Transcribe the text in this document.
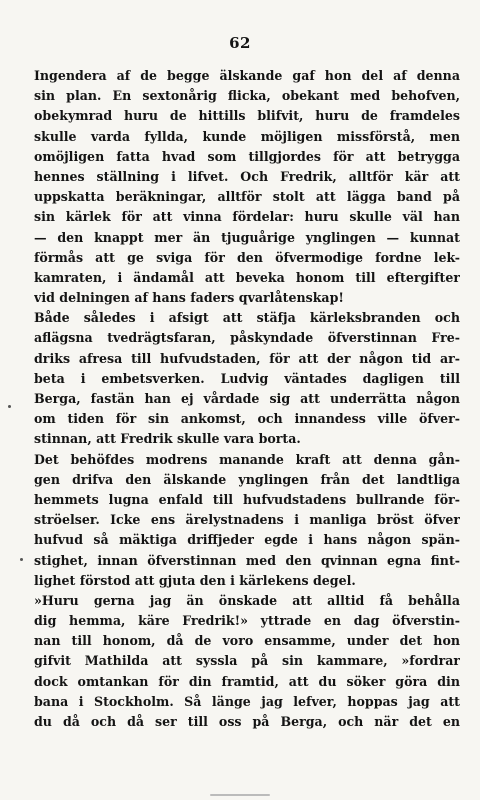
62
Ingendera af de begge älskande gaf hon del af denna
sin plan. En sextonårig flicka, obekant med behofven,
obekymrad huru de hittills blifvit, huru de framdeles
skulle varda fyllda, kunde möjligen missförstå, men
omöjligen fatta hvad som tillgjordes för att betrygga
hennes ställning i lifvet. Och Fredrik, alltför kär att
uppskatta beräkningar, alltför stolt att lägga band på
sin kärlek för att vinna fördelar: huru skulle väl han
— den knappt mer än tjuguårige ynglingen — kunnat
förmås att ge sviga för den öfvermodige fordne lek-
kamraten, i ändamål att beveka honom till eftergifter
vid delningen af hans faders qvarlåtenskap!
Både således i afsigt att stäfja kärleksbranden och
aflägsna tvedrägtsfaran, påskyndade öfverstinnan Fre-
driks afresa till hufvudstaden, för att der någon tid ar-
beta i embetsverken. Ludvig väntades dagligen till
Berga, fastän han ej vårdade sig att underrätta någon
om tiden för sin ankomst, och innandess ville öfver-
stinnan, att Fredrik skulle vara borta.
Det behöfdes modrens manande kraft att denna gån-
gen drifva den älskande ynglingen från det landtliga
hemmets lugna enfald till hufvudstadens bullrande för-
ströelser. Icke ens ärelystnadens i manliga bröst öfver
hufvud så mäktiga driffjeder egde i hans någon spän-
stighet, innan öfverstinnan med den qvinnan egna fint-
lighet förstod att gjuta den i kärlekens degel.
»Huru gerna jag än önskade att alltid få behålla
dig hemma, käre Fredrik!» yttrade en dag öfverstin-
nan till honom, då de voro ensamme, under det hon
gifvit Mathilda att syssla på sin kammare, »fordrar
dock omtankan för din framtid, att du söker göra din
bana i Stockholm. Så länge jag lefver, hoppas jag att
du då och då ser till oss på Berga, och när det en
